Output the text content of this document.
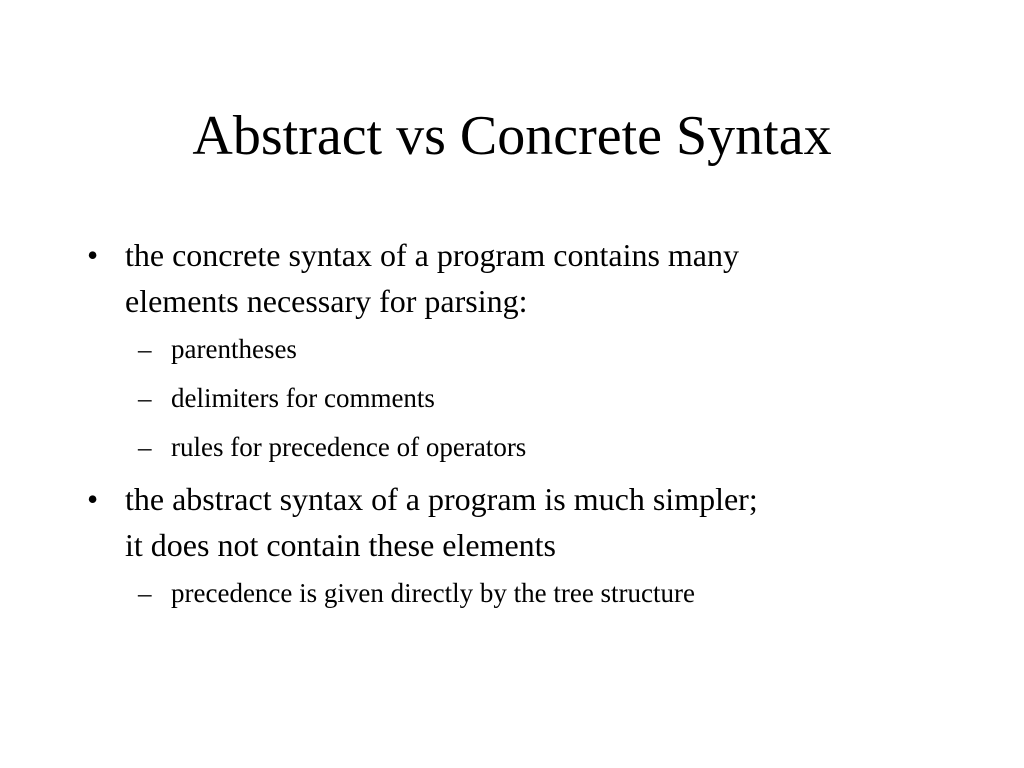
Abstract vs Concrete Syntax
• the concrete syntax of a program contains many
elements necessary for parsing:
– parentheses
– delimiters for comments
– rules for precedence of operators
• the abstract syntax of a program is much simpler;
it does not contain these elements
– precedence is given directly by the tree structure
